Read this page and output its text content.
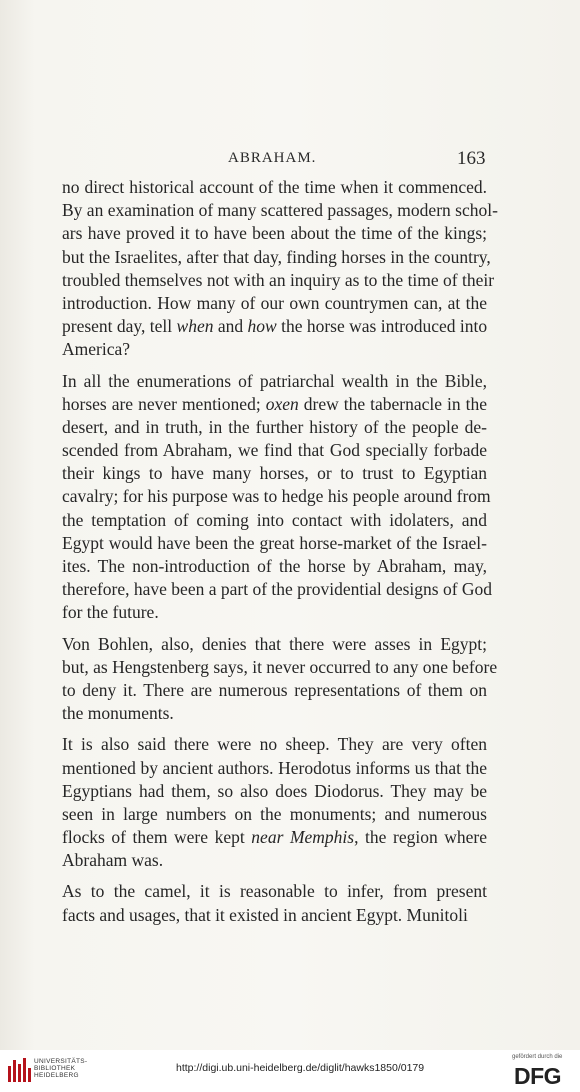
ABRAHAM.	163
no direct historical account of the time when it commenced.
By an examination of many scattered passages, modern schol-
ars have proved it to have been about the time of the kings;
but the Israelites, after that day, finding horses in the country,
troubled themselves not with an inquiry as to the time of their
introduction. How many of our own countrymen can, at the
present day, tell when and how the horse was introduced into
America?
In all the enumerations of patriarchal wealth in the Bible,
horses are never mentioned; oxen drew the tabernacle in the
desert, and in truth, in the further history of the people de-
scended from Abraham, we find that God specially forbade
their kings to have many horses, or to trust to Egyptian
cavalry; for his purpose was to hedge his people around from
the temptation of coming into contact with idolaters, and
Egypt would have been the great horse-market of the Israel-
ites. The non-introduction of the horse by Abraham, may,
therefore, have been a part of the providential designs of God
for the future.
Von Bohlen, also, denies that there were asses in Egypt;
but, as Hengstenberg says, it never occurred to any one before
to deny it. There are numerous representations of them on
the monuments.
It is also said there were no sheep. They are very often
mentioned by ancient authors. Herodotus informs us that the
Egyptians had them, so also does Diodorus. They may be
seen in large numbers on the monuments; and numerous
flocks of them were kept near Memphis, the region where
Abraham was.
As to the camel, it is reasonable to infer, from present
facts and usages, that it existed in ancient Egypt. Munitoli
UNIVERSITÄTS-
BIBLIOTHEK
HEIDELBERG
http://digi.ub.uni-heidelberg.de/diglit/hawks1850/0179
gefördert durch die
DFG
